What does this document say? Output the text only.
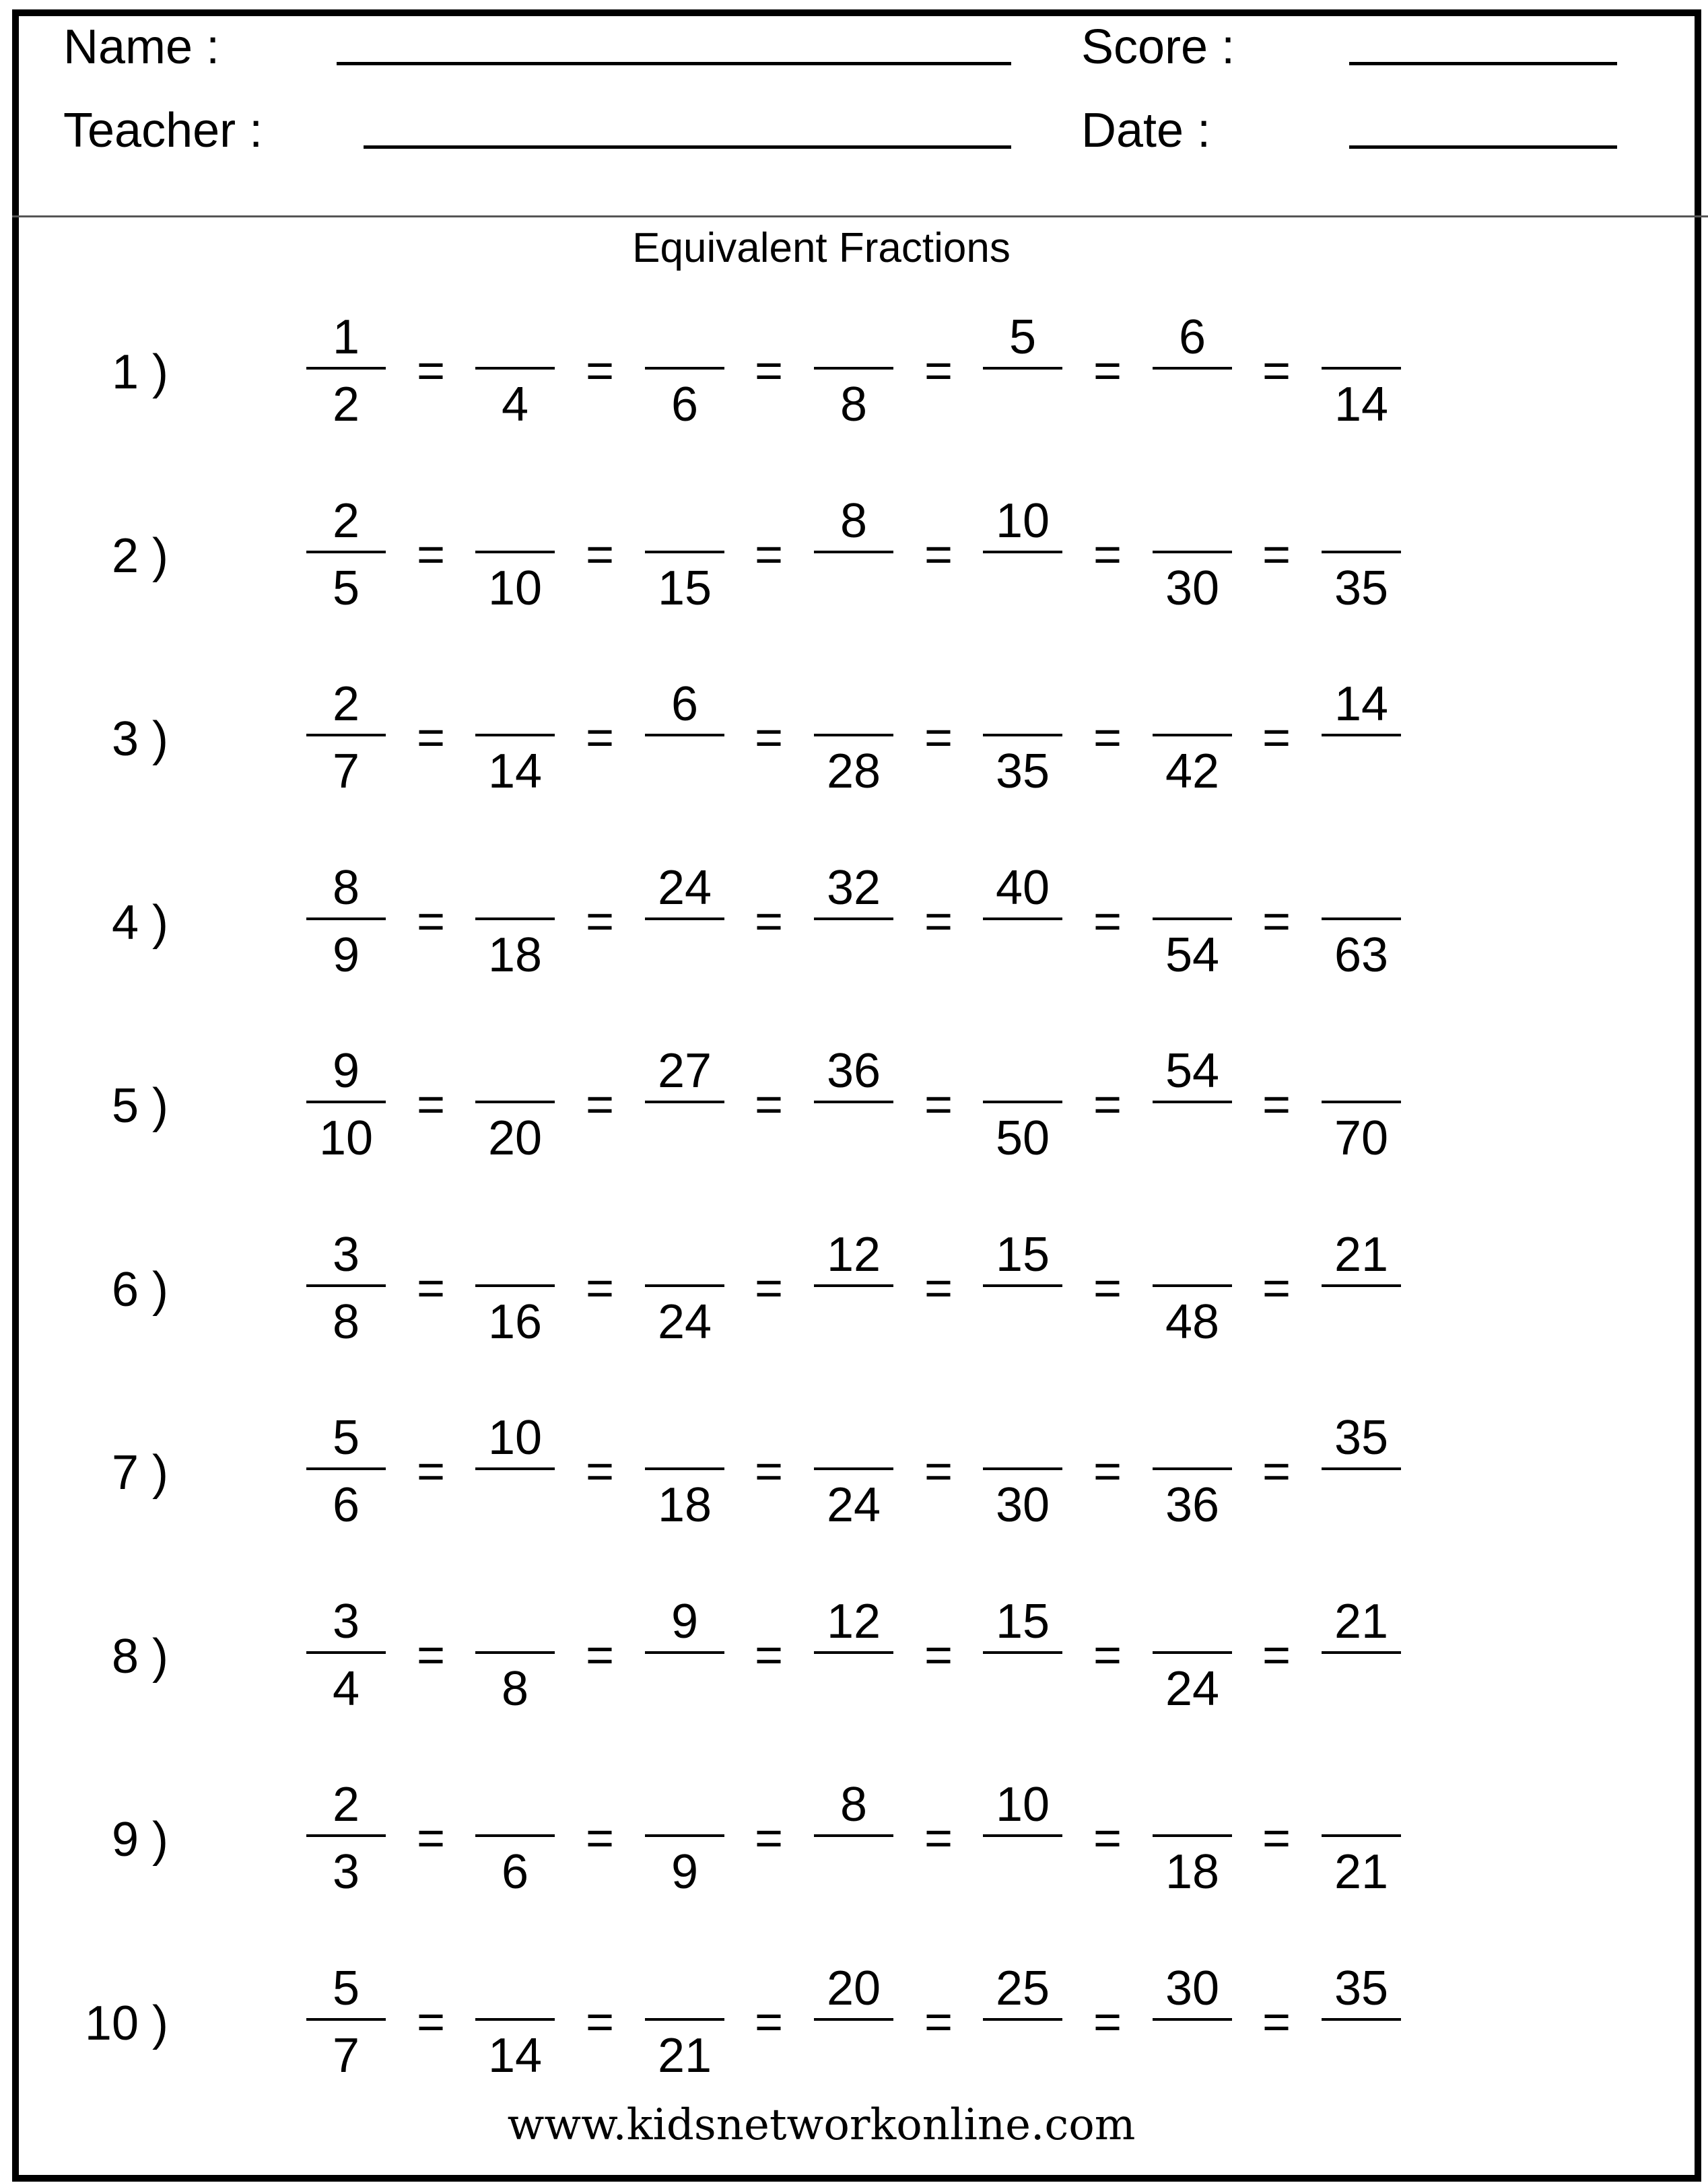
Name :
Teacher :
Score :
Date :
Equivalent Fractions
1 )
1
2
=
4
=
6
=
8
=
5
=
6
=
14
2 )
2
5
=
10
=
15
=
8
=
10
=
30
=
35
3 )
2
7
=
14
=
6
=
28
=
35
=
42
=
14
4 )
8
9
=
18
=
24
=
32
=
40
=
54
=
63
5 )
9
10
=
20
=
27
=
36
=
50
=
54
=
70
6 )
3
8
=
16
=
24
=
12
=
15
=
48
=
21
7 )
5
6
=
10
=
18
=
24
=
30
=
36
=
35
8 )
3
4
=
8
=
9
=
12
=
15
=
24
=
21
9 )
2
3
=
6
=
9
=
8
=
10
=
18
=
21
10 )
5
7
=
14
=
21
=
20
=
25
=
30
=
35
www.kidsnetworkonline.com
